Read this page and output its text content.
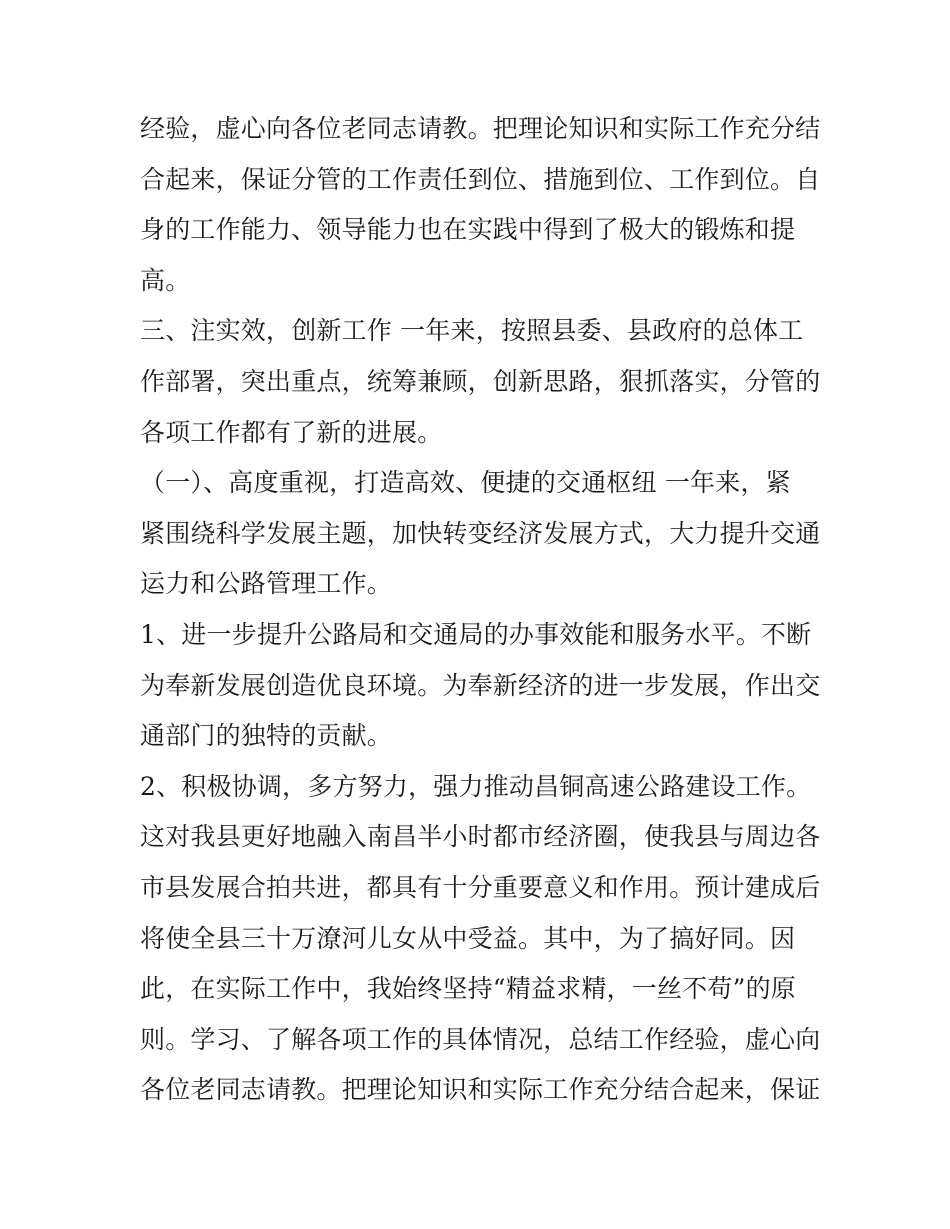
经验，虚心向各位老同志请教。把理论知识和实际工作充分结
合起来，保证分管的工作责任到位、措施到位、工作到位。自
身的工作能力、领导能力也在实践中得到了极大的锻炼和提
高。

三、注实效，创新工作 一年来，按照县委、县政府的总体工
作部署，突出重点，统筹兼顾，创新思路，狠抓落实，分管的
各项工作都有了新的进展。

（一）、高度重视，打造高效、便捷的交通枢纽 一年来，紧
紧围绕科学发展主题，加快转变经济发展方式，大力提升交通
运力和公路管理工作。

1、进一步提升公路局和交通局的办事效能和服务水平。不断
为奉新发展创造优良环境。为奉新经济的进一步发展，作出交
通部门的独特的贡献。

2、积极协调，多方努力，强力推动昌铜高速公路建设工作。
这对我县更好地融入南昌半小时都市经济圈，使我县与周边各
市县发展合拍共进，都具有十分重要意义和作用。预计建成后
将使全县三十万潦河儿女从中受益。其中，为了搞好同。因
此，在实际工作中，我始终坚持“精益求精，一丝不苟”的原
则。学习、了解各项工作的具体情况，总结工作经验，虚心向
各位老同志请教。把理论知识和实际工作充分结合起来，保证
